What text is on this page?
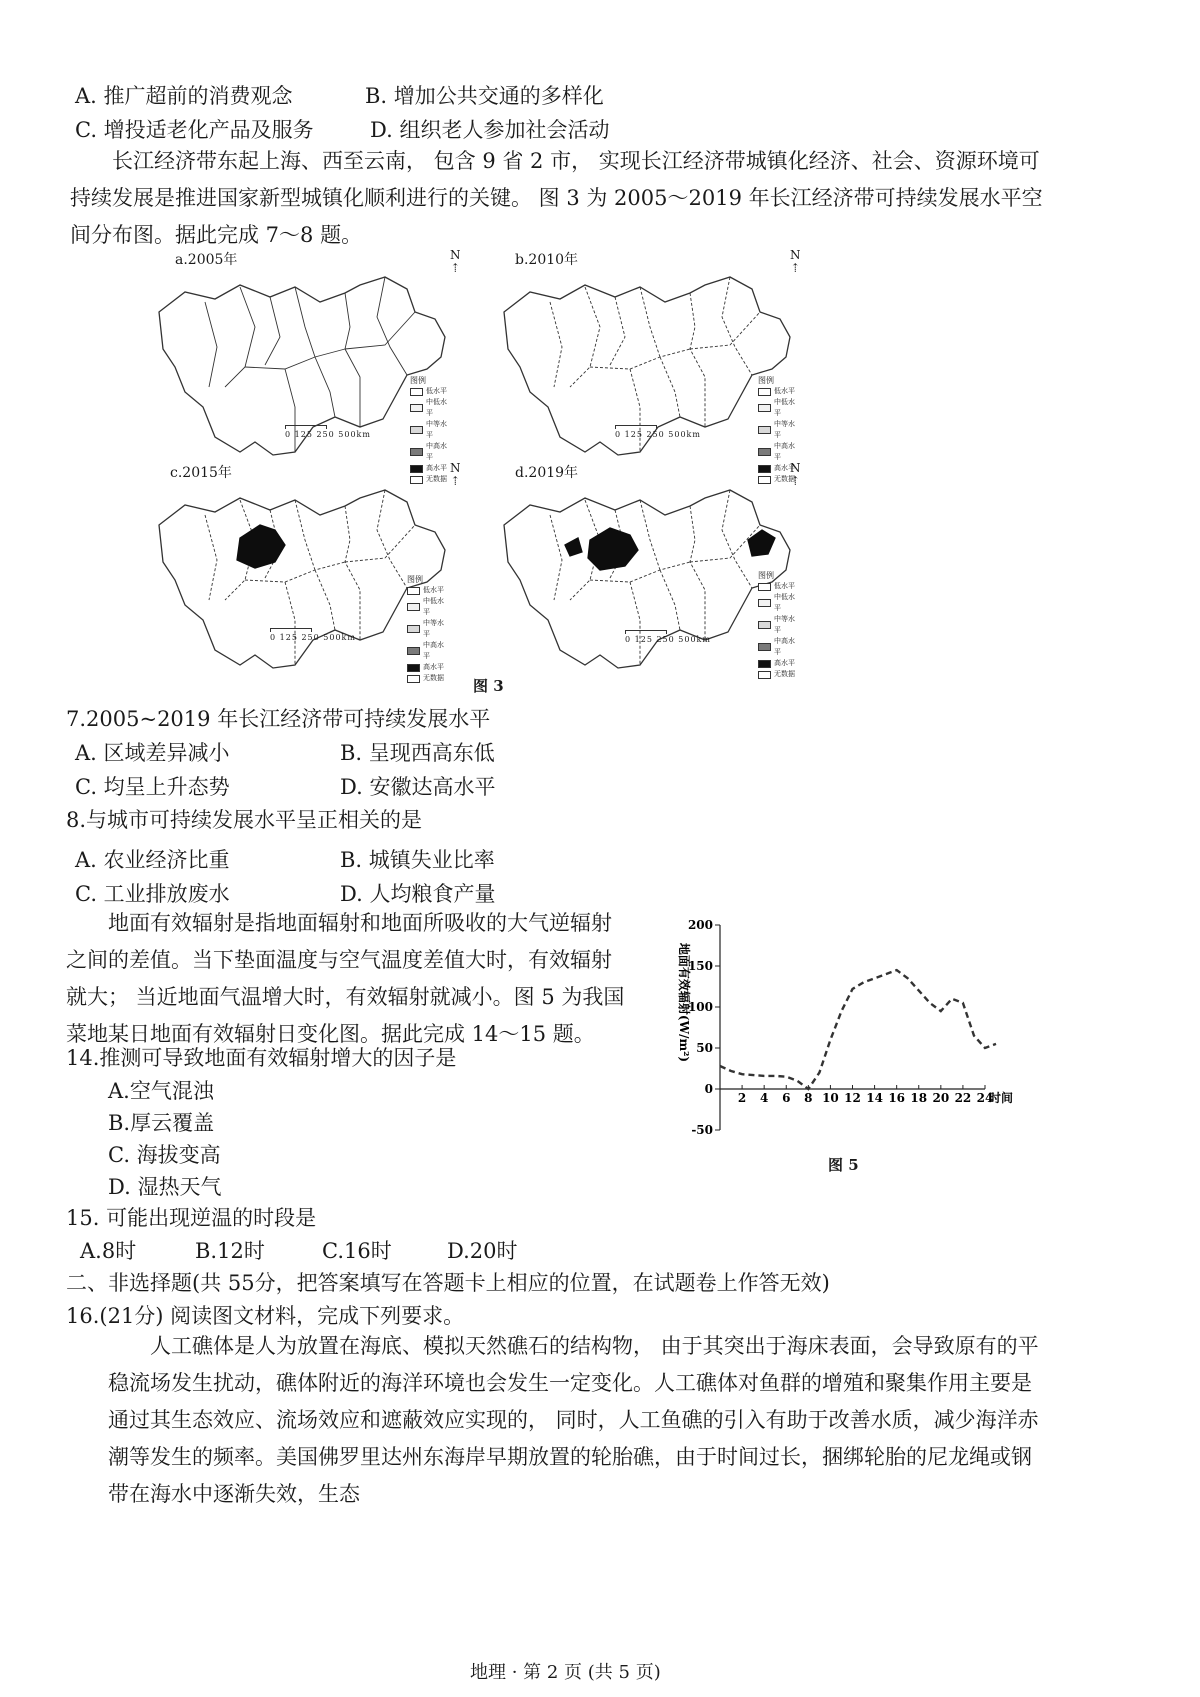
A. 推广超前的消费观念	B. 增加公共交通的多样化
C. 增投适老化产品及服务	D. 组织老人参加社会活动
长江经济带东起上海、西至云南， 包含 9 省 2 市， 实现长江经济带城镇化经济、社会、资源环境可持续发展是推进国家新型城镇化顺利进行的关键。 图 3 为 2005～2019 年长江经济带可持续发展水平空间分布图。据此完成 7～8 题。
a.2005年	N
⇡
图例
低水平
中低水平
中等水平
中高水平
高水平
无数据
0 125 250 500km
b.2010年	N
⇡
图例
低水平
中低水平
中等水平
中高水平
高水平
无数据
0 125 250 500km
c.2015年	N
⇡
图例
低水平
中低水平
中等水平
中高水平
高水平
无数据
0 125 250 500km
d.2019年	N
⇡
图例
低水平
中低水平
中等水平
中高水平
高水平
无数据
0 125 250 500km
图 3
7.2005~2019 年长江经济带可持续发展水平
A. 区域差异减小	B. 呈现西高东低
C. 均呈上升态势	D. 安徽达高水平
8.与城市可持续发展水平呈正相关的是
A. 农业经济比重	B. 城镇失业比率
C. 工业排放废水	D. 人均粮食产量
地面有效辐射是指地面辐射和地面所吸收的大气逆辐射之间的差值。当下垫面温度与空气温度差值大时，有效辐射就大； 当近地面气温增大时，有效辐射就减小。图 5 为我国菜地某日地面有效辐射日变化图。据此完成 14～15 题。
-50
0
50
100
150
200
2 4 6 8 10 12 14 16 18 20 22 24
时间
地面有效辐射(W/m²)
图 5
14.推测可导致地面有效辐射增大的因子是
A.空气混浊
B.厚云覆盖
C. 海拔变高
D. 湿热天气
15. 可能出现逆温的时段是
A.8时	B.12时	C.16时	D.20时
二、非选择题(共 55分，把答案填写在答题卡上相应的位置，在试题卷上作答无效)
16.(21分) 阅读图文材料，完成下列要求。
人工礁体是人为放置在海底、模拟天然礁石的结构物， 由于其突出于海床表面，会导致原有的平稳流场发生扰动，礁体附近的海洋环境也会发生一定变化。人工礁体对鱼群的增殖和聚集作用主要是通过其生态效应、流场效应和遮蔽效应实现的， 同时，人工鱼礁的引入有助于改善水质，减少海洋赤潮等发生的频率。美国佛罗里达州东海岸早期放置的轮胎礁，由于时间过长，捆绑轮胎的尼龙绳或钢带在海水中逐渐失效，生态
地理 · 第 2 页 (共 5 页)
